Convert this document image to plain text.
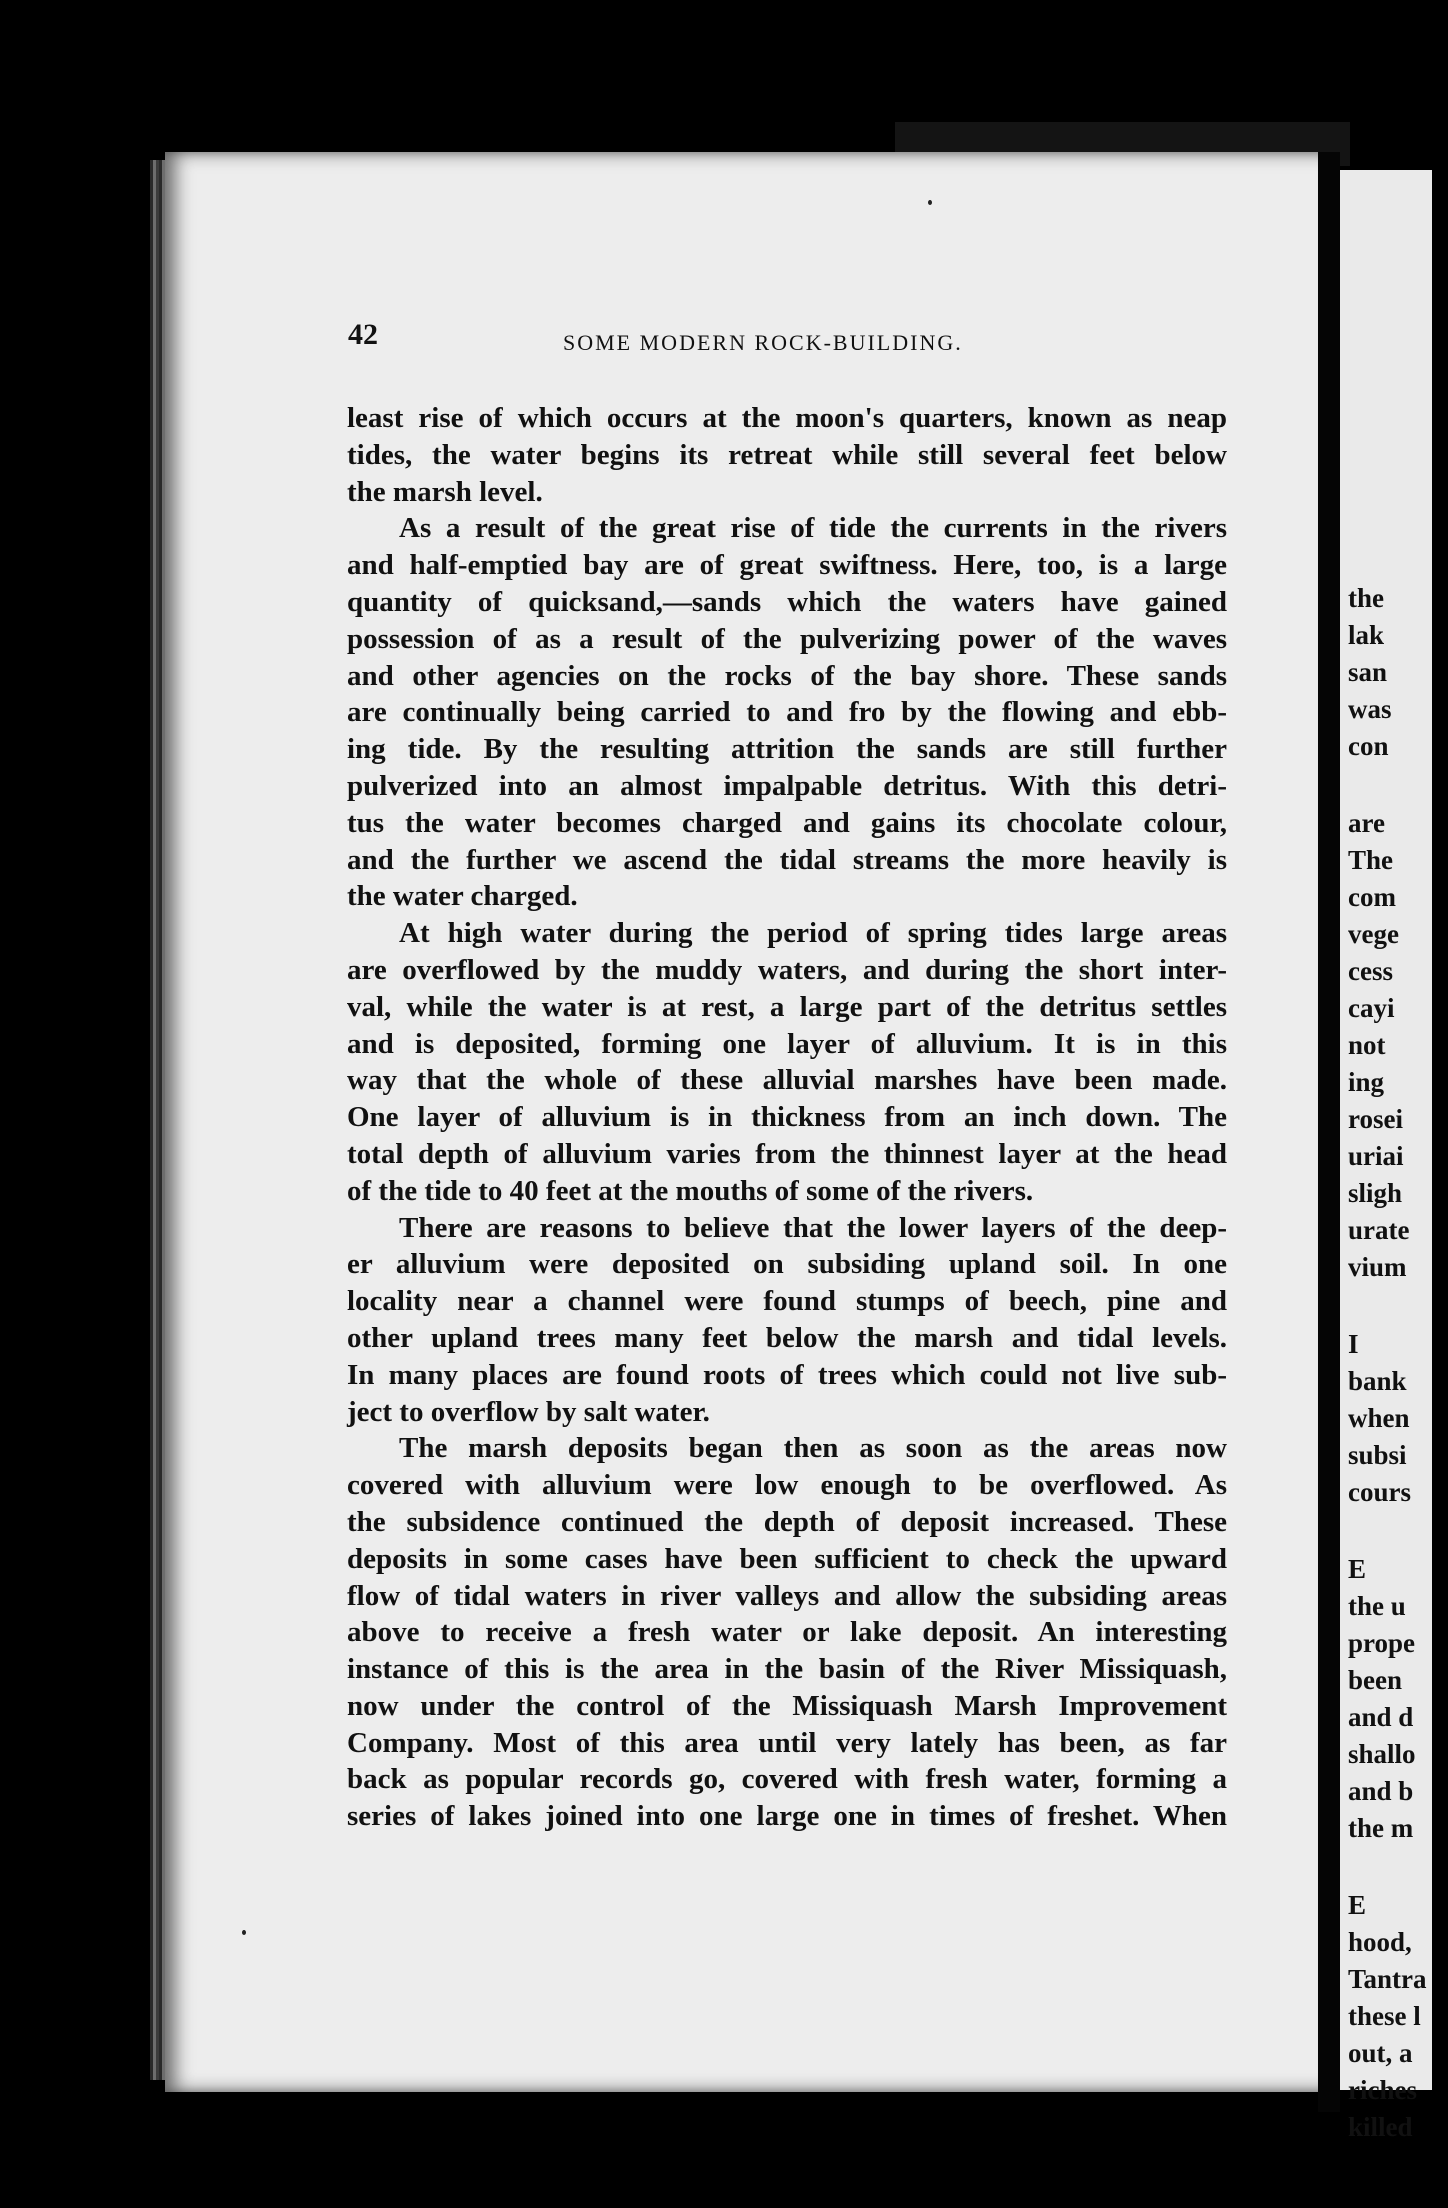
42	SOME MODERN ROCK-BUILDING.
least rise of which occurs at the moon's quarters, known as neap
tides, the water begins its retreat while still several feet below
the marsh level.
As a result of the great rise of tide the currents in the rivers
and half-emptied bay are of great swiftness. Here, too, is a large
quantity of quicksand,—sands which the waters have gained
possession of as a result of the pulverizing power of the waves
and other agencies on the rocks of the bay shore. These sands
are continually being carried to and fro by the flowing and ebb-
ing tide. By the resulting attrition the sands are still further
pulverized into an almost impalpable detritus. With this detri-
tus the water becomes charged and gains its chocolate colour,
and the further we ascend the tidal streams the more heavily is
the water charged.
At high water during the period of spring tides large areas
are overflowed by the muddy waters, and during the short inter-
val, while the water is at rest, a large part of the detritus settles
and is deposited, forming one layer of alluvium. It is in this
way that the whole of these alluvial marshes have been made.
One layer of alluvium is in thickness from an inch down. The
total depth of alluvium varies from the thinnest layer at the head
of the tide to 40 feet at the mouths of some of the rivers.
There are reasons to believe that the lower layers of the deep-
er alluvium were deposited on subsiding upland soil. In one
locality near a channel were found stumps of beech, pine and
other upland trees many feet below the marsh and tidal levels.
In many places are found roots of trees which could not live sub-
ject to overflow by salt water.
The marsh deposits began then as soon as the areas now
covered with alluvium were low enough to be overflowed. As
the subsidence continued the depth of deposit increased. These
deposits in some cases have been sufficient to check the upward
flow of tidal waters in river valleys and allow the subsiding areas
above to receive a fresh water or lake deposit. An interesting
instance of this is the area in the basin of the River Missiquash,
now under the control of the Missiquash Marsh Improvement
Company. Most of this area until very lately has been, as far
back as popular records go, covered with fresh water, forming a
series of lakes joined into one large one in times of freshet. When
the
lak
san
was
con
are
The
com
vege
cess
cayi
not
ing
rosei
uriai
sligh
urate
vium
I
bank
when
subsi
cours
E
the u
prope
been
and d
shallo
and b
the m
E
hood,
Tantra
these l
out, a
riches
killed
